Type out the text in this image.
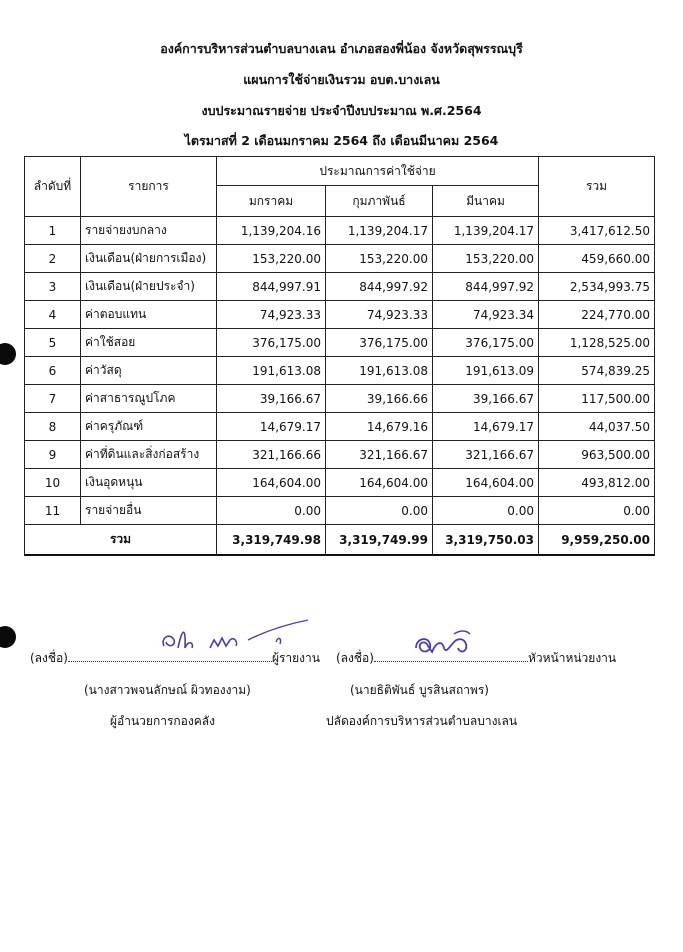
องค์การบริหารส่วนตำบลบางเลน อำเภอสองพี่น้อง จังหวัดสุพรรณบุรี
แผนการใช้จ่ายเงินรวม อบต.บางเลน
งบประมาณรายจ่าย ประจำปีงบประมาณ พ.ศ.2564
ไตรมาสที่ 2 เดือนมกราคม 2564 ถึง เดือนมีนาคม 2564
ลำดับที่	รายการ	ประมาณการค่าใช้จ่าย			รวม
		มกราคม	กุมภาพันธ์	มีนาคม	
1	รายจ่ายงบกลาง	1,139,204.16	1,139,204.17	1,139,204.17	3,417,612.50
2	เงินเดือน(ฝ่ายการเมือง)	153,220.00	153,220.00	153,220.00	459,660.00
3	เงินเดือน(ฝ่ายประจำ)	844,997.91	844,997.92	844,997.92	2,534,993.75
4	ค่าตอบแทน	74,923.33	74,923.33	74,923.34	224,770.00
5	ค่าใช้สอย	376,175.00	376,175.00	376,175.00	1,128,525.00
6	ค่าวัสดุ	191,613.08	191,613.08	191,613.09	574,839.25
7	ค่าสาธารณูปโภค	39,166.67	39,166.66	39,166.67	117,500.00
8	ค่าครุภัณฑ์	14,679.17	14,679.16	14,679.17	44,037.50
9	ค่าที่ดินและสิ่งก่อสร้าง	321,166.66	321,166.67	321,166.67	963,500.00
10	เงินอุดหนุน	164,604.00	164,604.00	164,604.00	493,812.00
11	รายจ่ายอื่น	0.00	0.00	0.00	0.00
รวม		3,319,749.98	3,319,749.99	3,319,750.03	9,959,250.00
(ลงชื่อ)	ผู้รายงาน (ลงชื่อ)	หัวหน้าหน่วยงาน
(นางสาวพจนลักษณ์ ผิวทองงาม)	(นายธิติพันธ์ บูรสินสถาพร)
ผู้อำนวยการกองคลัง	ปลัดองค์การบริหารส่วนตำบลบางเลน
